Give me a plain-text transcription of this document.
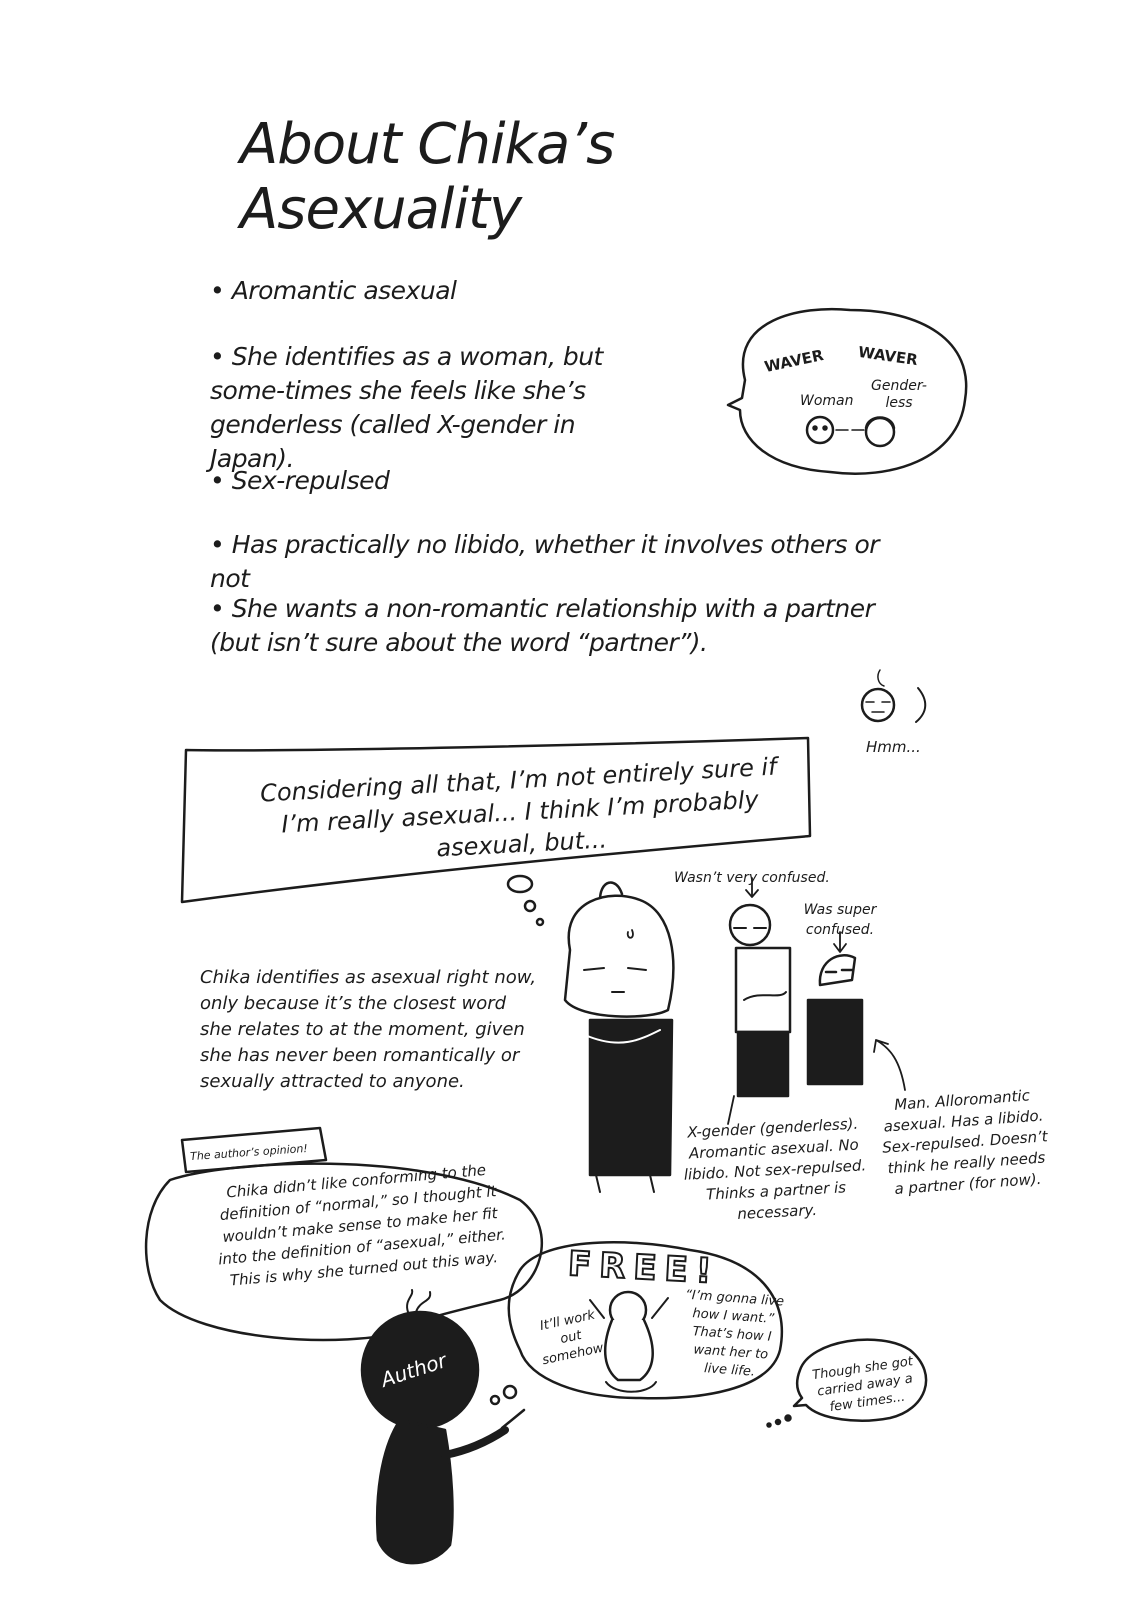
About Chika’s Asexuality
• Aromantic asexual
• She identifies as a woman, but some-times she feels like she’s genderless (called X-gender in Japan).
• Sex-repulsed
• Has practically no libido, whether it involves others or not
• She wants a non-romantic relationship with a partner (but isn’t sure about the word “partner”).
WAVER WAVER
Woman
Gender-less
Hmm...
Considering all that, I’m not entirely sure if I’m really asexual... I think I’m probably asexual, but...
Wasn’t very confused.
Was super confused.
Chika identifies as asexual right now, only because it’s the closest word she relates to at the moment, given she has never been romantically or sexually attracted to anyone.
X-gender (genderless). Aromantic asexual. No libido. Not sex-repulsed. Thinks a partner is necessary.
Man. Alloromantic asexual. Has a libido. Sex-repulsed. Doesn’t think he really needs a partner (for now).
The author’s opinion!
Chika didn’t like conforming to the definition of “normal,” so I thought it wouldn’t make sense to make her fit into the definition of “asexual,” either. This is why she turned out this way.	FREE!
It’ll work out somehow.
“I’m gonna live how I want.” That’s how I want her to live life.
Author	Though she got carried away a few times...
